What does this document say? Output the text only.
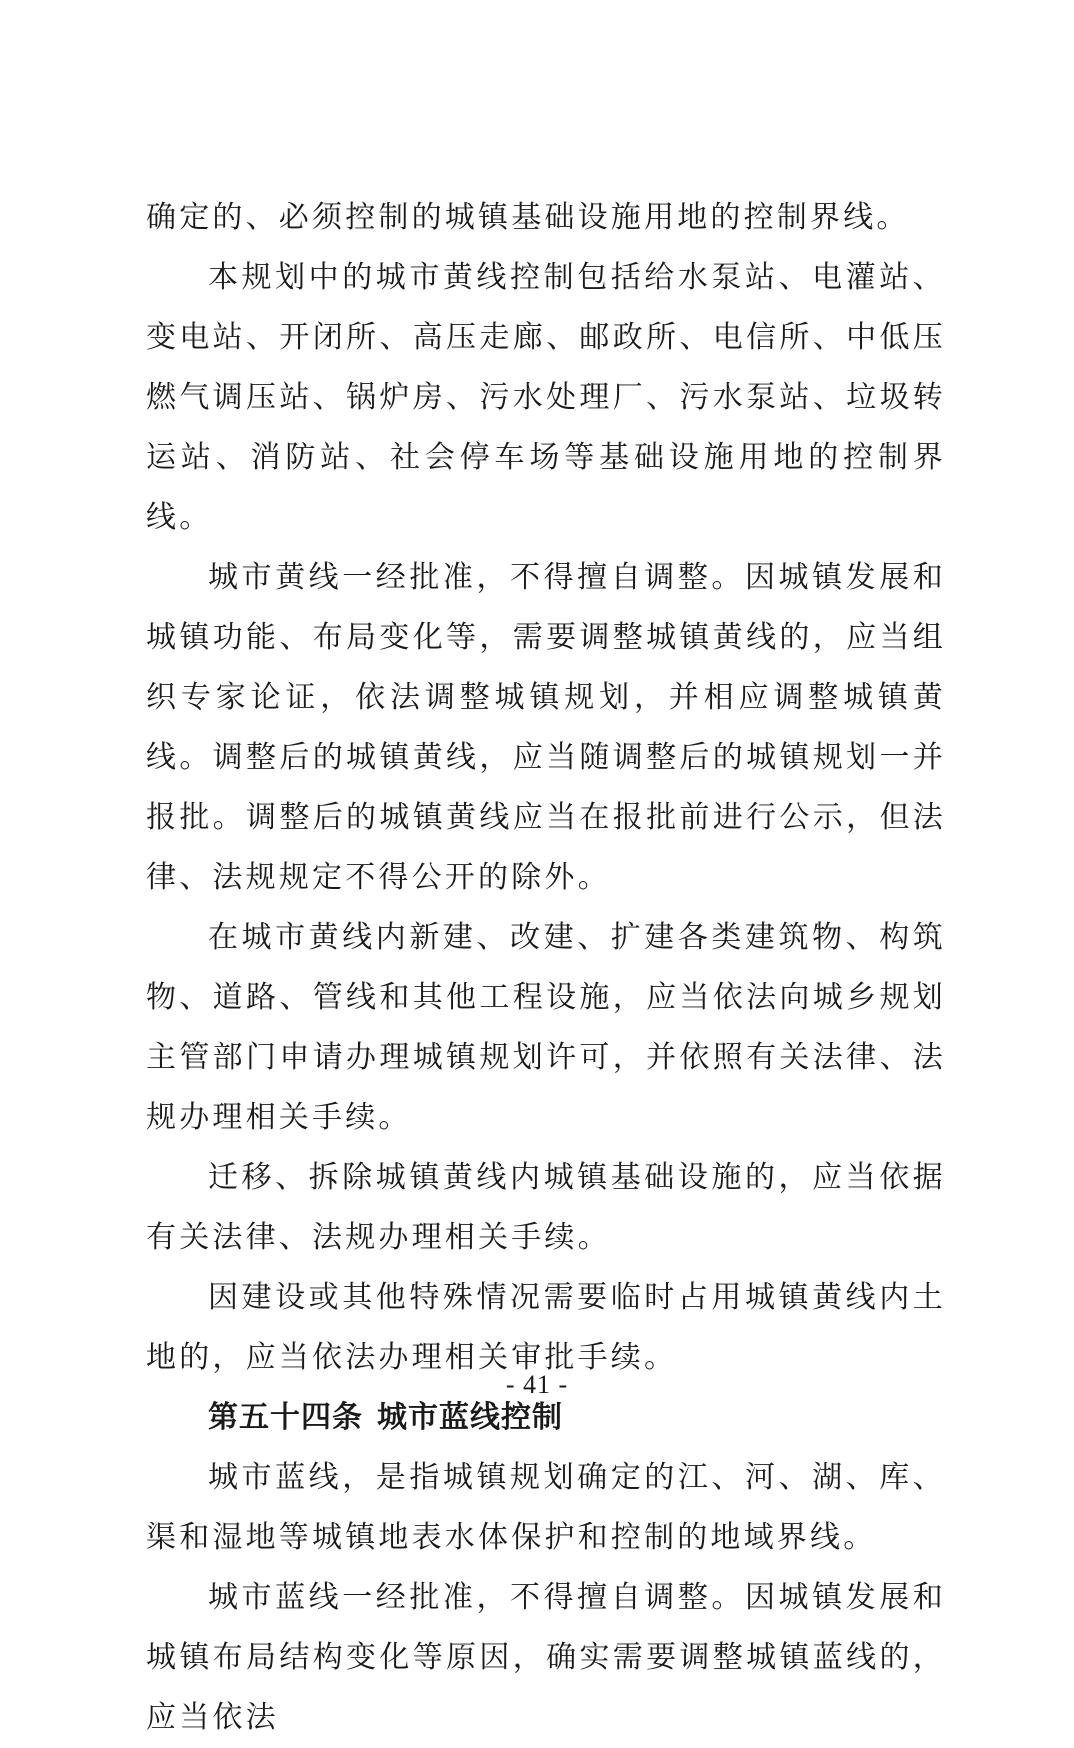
确定的、必须控制的城镇基础设施用地的控制界线。

本规划中的城市黄线控制包括给水泵站、电灌站、变电站、开闭所、高压走廊、邮政所、电信所、中低压燃气调压站、锅炉房、污水处理厂、污水泵站、垃圾转运站、消防站、社会停车场等基础设施用地的控制界线。

城市黄线一经批准，不得擅自调整。因城镇发展和城镇功能、布局变化等，需要调整城镇黄线的，应当组织专家论证，依法调整城镇规划，并相应调整城镇黄线。调整后的城镇黄线，应当随调整后的城镇规划一并报批。调整后的城镇黄线应当在报批前进行公示，但法律、法规规定不得公开的除外。

在城市黄线内新建、改建、扩建各类建筑物、构筑物、道路、管线和其他工程设施，应当依法向城乡规划主管部门申请办理城镇规划许可，并依照有关法律、法规办理相关手续。

迁移、拆除城镇黄线内城镇基础设施的，应当依据有关法律、法规办理相关手续。

因建设或其他特殊情况需要临时占用城镇黄线内土地的，应当依法办理相关审批手续。

第五十四条 城市蓝线控制

城市蓝线，是指城镇规划确定的江、河、湖、库、渠和湿地等城镇地表水体保护和控制的地域界线。

城市蓝线一经批准，不得擅自调整。因城镇发展和城镇布局结构变化等原因，确实需要调整城镇蓝线的，应当依法

- 41 -
